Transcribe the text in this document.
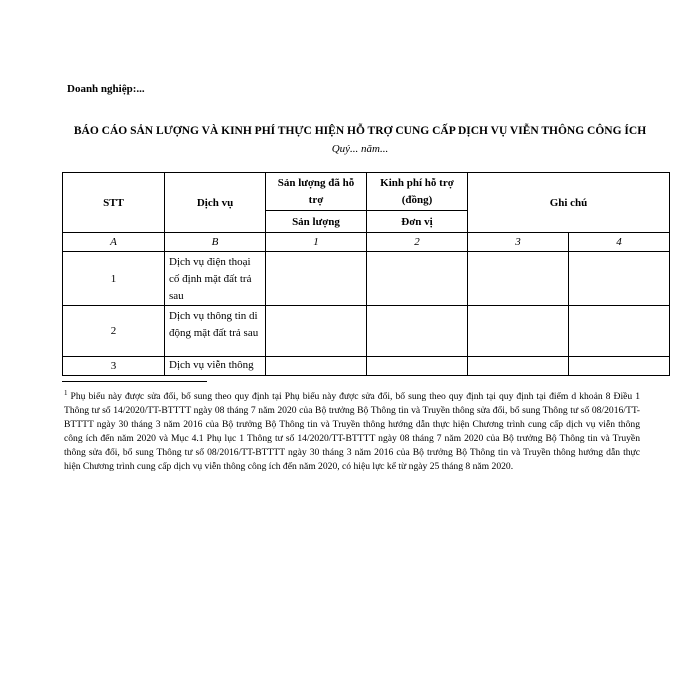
Doanh nghiệp:...
BÁO CÁO SẢN LƯỢNG VÀ KINH PHÍ THỰC HIỆN HỖ TRỢ CUNG CẤP DỊCH VỤ VIỄN THÔNG CÔNG ÍCH
Quý... năm...
STT	Dịch vụ	Sản lượng đã hỗ trợ	Kinh phí hỗ trợ (đồng)	Ghi chú	
		Sản lượng	Đơn vị		
A	B	1	2	3	4
1	Dịch vụ điện thoại cố định mặt đất trả sau				
2	Dịch vụ thông tin di động mặt đất trả sau				
3	Dịch vụ viễn thông				
$^1$ Phụ biểu này được sửa đổi, bổ sung theo quy định tại Phụ biểu này được sửa đổi, bổ sung theo quy định tại quy định tại điểm d khoản 8 Điều 1 Thông tư số 14/2020/TT-BTTTT ngày 08 tháng 7 năm 2020 của Bộ trưởng Bộ Thông tin và Truyền thông sửa đổi, bổ sung Thông tư số 08/2016/TT-BTTTT ngày 30 tháng 3 năm 2016 của Bộ trưởng Bộ Thông tin và Truyền thông hướng dẫn thực hiện Chương trình cung cấp dịch vụ viễn thông công ích đến năm 2020 và Mục 4.1 Phụ lục 1 Thông tư số 14/2020/TT-BTTTT ngày 08 tháng 7 năm 2020 của Bộ trưởng Bộ Thông tin và Truyền thông sửa đổi, bổ sung Thông tư số 08/2016/TT-BTTTT ngày 30 tháng 3 năm 2016 của Bộ trưởng Bộ Thông tin và Truyền thông hướng dẫn thực hiện Chương trình cung cấp dịch vụ viễn thông công ích đến năm 2020, có hiệu lực kể từ ngày 25 tháng 8 năm 2020.
